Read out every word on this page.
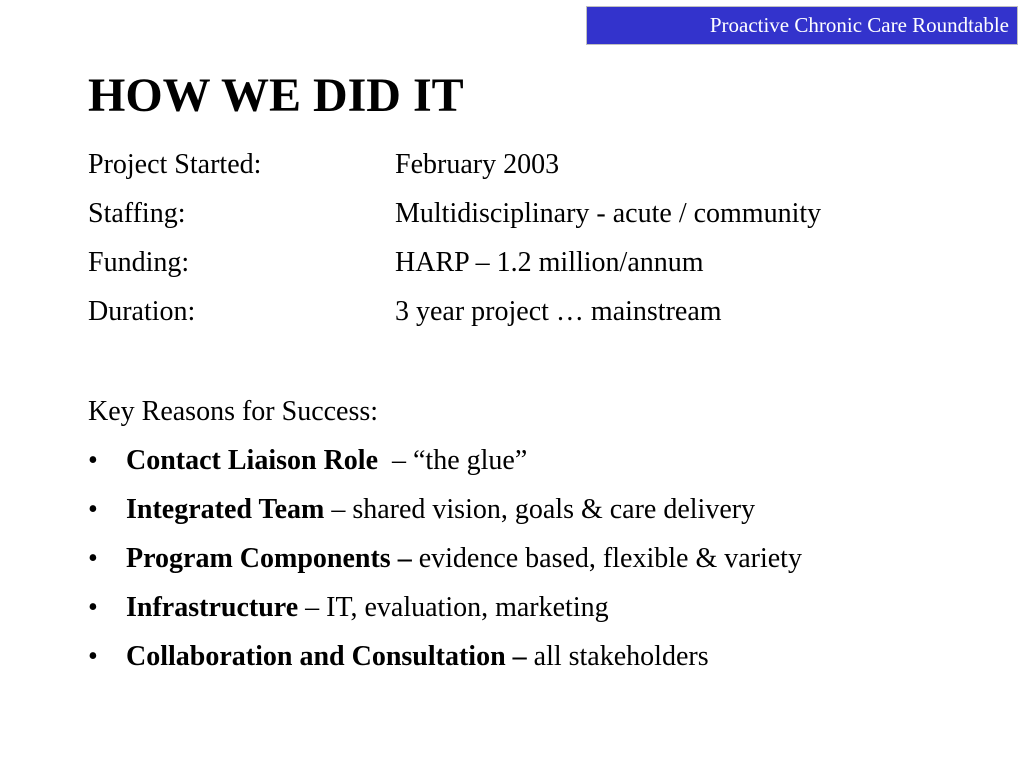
Proactive Chronic Care Roundtable
HOW WE DID IT
Project Started:	February 2003
Staffing:	Multidisciplinary - acute / community
Funding:	HARP – 1.2 million/annum
Duration:	3 year project … mainstream
Key Reasons for Success:
•	Contact Liaison Role – “the glue”
•	Integrated Team – shared vision, goals & care delivery
•	Program Components – evidence based, flexible & variety
•	Infrastructure – IT, evaluation, marketing
•	Collaboration and Consultation – all stakeholders
